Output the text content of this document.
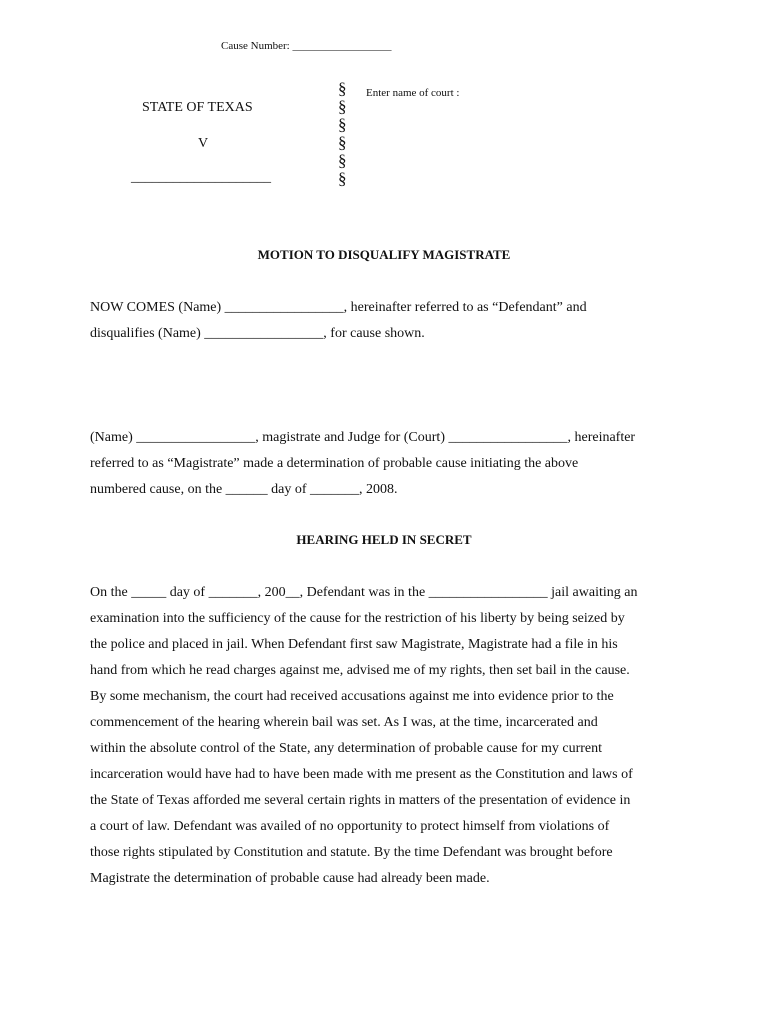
Cause Number: __________________
Enter name of court :
§
§
§
§
§
§
STATE OF TEXAS
V
____________________
MOTION TO DISQUALIFY MAGISTRATE
NOW COMES (Name) _________________, hereinafter referred to as “Defendant” and
disqualifies (Name) _________________, for cause shown.
(Name) _________________, magistrate and Judge for (Court) _________________, hereinafter
referred to as “Magistrate” made a determination of probable cause initiating the above
numbered cause, on the ______ day of _______, 2008.
HEARING HELD IN SECRET
On the _____ day of _______, 200__, Defendant was in the _________________ jail awaiting an
examination into the sufficiency of the cause for the restriction of his liberty by being seized by
the police and placed in jail. When Defendant first saw Magistrate, Magistrate had a file in his
hand from which he read charges against me, advised me of my rights, then set bail in the cause.
By some mechanism, the court had received accusations against me into evidence prior to the
commencement of the hearing wherein bail was set. As I was, at the time, incarcerated and
within the absolute control of the State, any determination of probable cause for my current
incarceration would have had to have been made with me present as the Constitution and laws of
the State of Texas afforded me several certain rights in matters of the presentation of evidence in
a court of law. Defendant was availed of no opportunity to protect himself from violations of
those rights stipulated by Constitution and statute. By the time Defendant was brought before
Magistrate the determination of probable cause had already been made.
